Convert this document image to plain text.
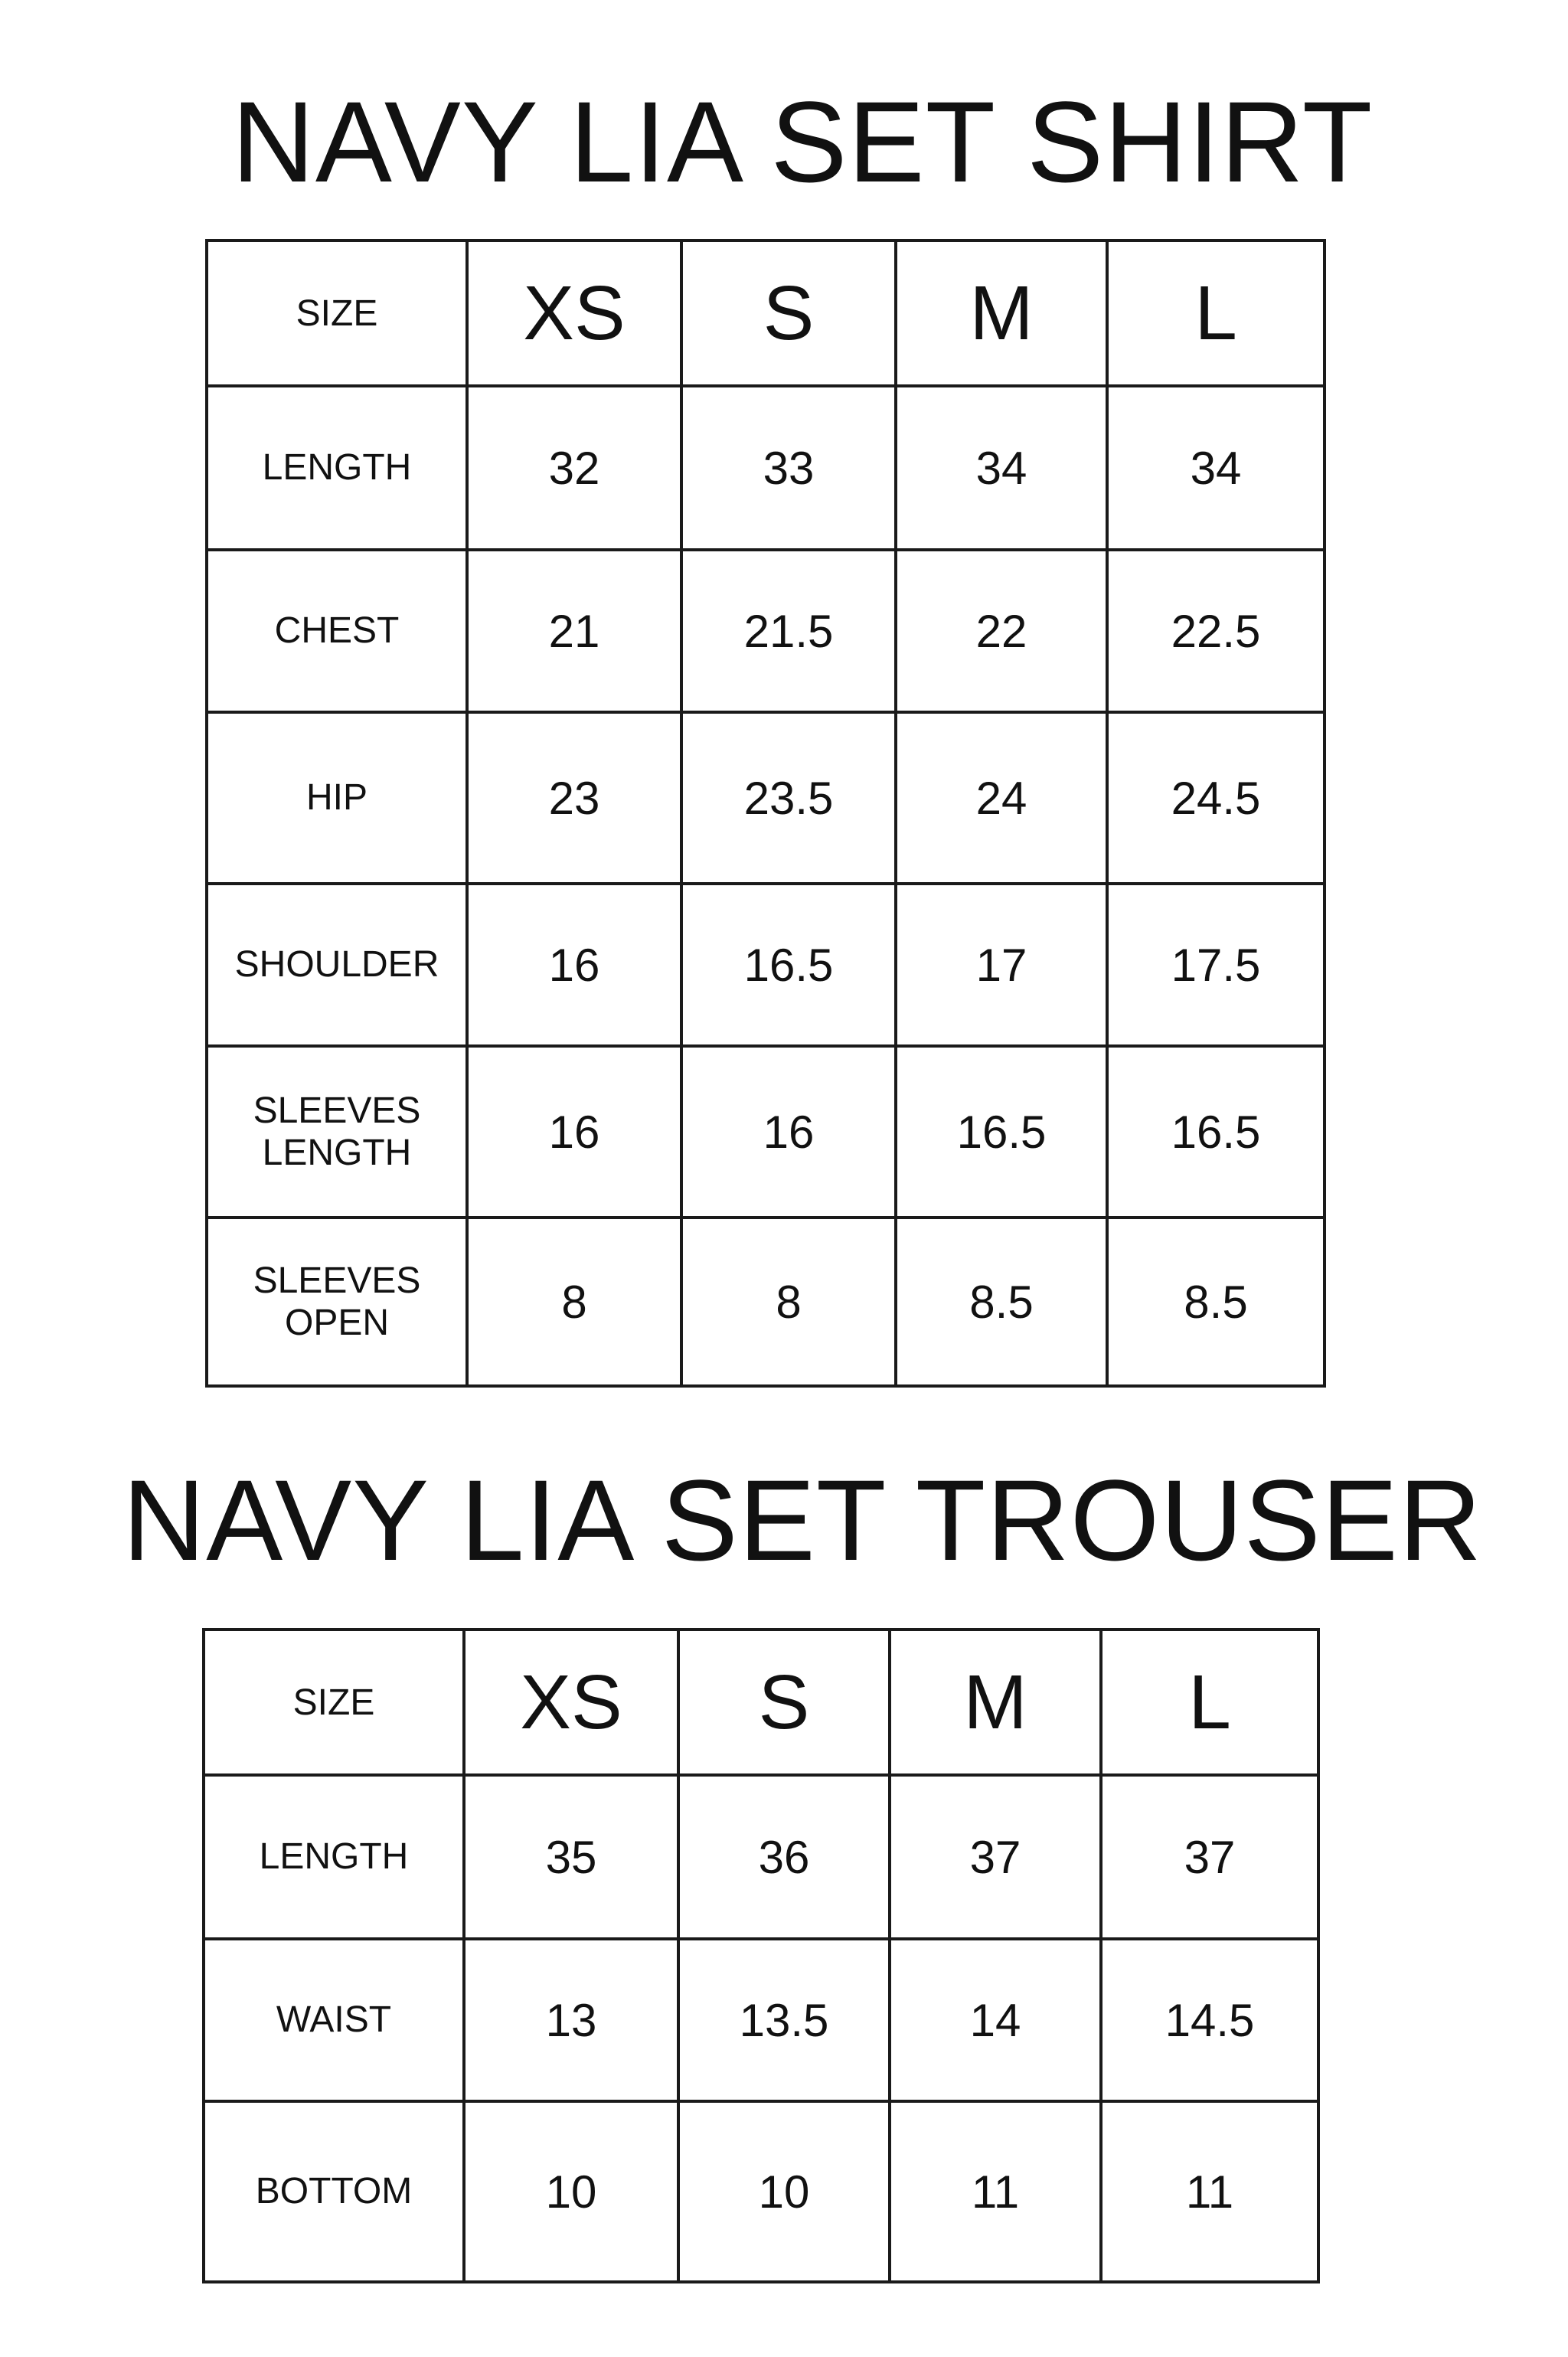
NAVY LIA SET SHIRT
SIZE	XS	S	M	L
LENGTH	32	33	34	34
CHEST	21	21.5	22	22.5
HIP	23	23.5	24	24.5
SHOULDER	16	16.5	17	17.5
SLEEVES
LENGTH	16	16	16.5	16.5
SLEEVES
OPEN	8	8	8.5	8.5
NAVY LIA SET TROUSER
SIZE	XS	S	M	L
LENGTH	35	36	37	37
WAIST	13	13.5	14	14.5
BOTTOM	10	10	11	11
